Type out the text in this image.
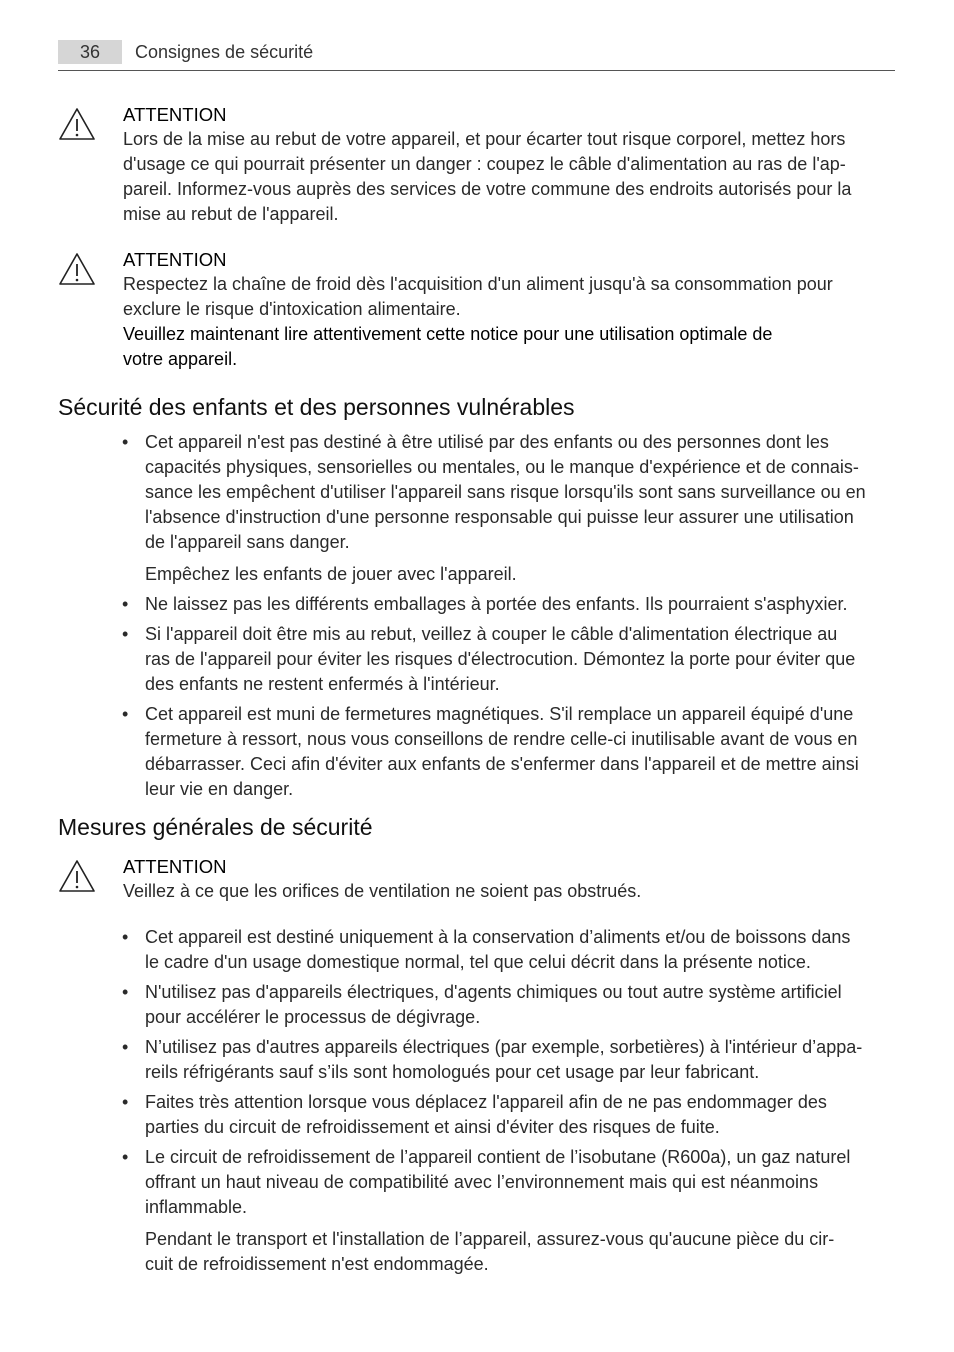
36	Consignes de sécurité
ATTENTION

Lors de la mise au rebut de votre appareil, et pour écarter tout risque corporel, mettez hors

d'usage ce qui pourrait présenter un danger : coupez le câble d'alimentation au ras de l'ap-

pareil. Informez-vous auprès des services de votre commune des endroits autorisés pour la

mise au rebut de l'appareil.

ATTENTION

Respectez la chaîne de froid dès l'acquisition d'un aliment jusqu'à sa consommation pour

exclure le risque d'intoxication alimentaire.

Veuillez maintenant lire attentivement cette notice pour une utilisation optimale de

votre appareil.

Sécurité des enfants et des personnes vulnérables
• Cet appareil n'est pas destiné à être utilisé par des enfants ou des personnes dont les
capacités physiques, sensorielles ou mentales, ou le manque d'expérience et de connais-
sance les empêchent d'utiliser l'appareil sans risque lorsqu'ils sont sans surveillance ou en
l'absence d'instruction d'une personne responsable qui puisse leur assurer une utilisation
de l'appareil sans danger.
Empêchez les enfants de jouer avec l'appareil.
• Ne laissez pas les différents emballages à portée des enfants. Ils pourraient s'asphyxier.
• Si l'appareil doit être mis au rebut, veillez à couper le câble d'alimentation électrique au
ras de l'appareil pour éviter les risques d'électrocution. Démontez la porte pour éviter que
des enfants ne restent enfermés à l'intérieur.
• Cet appareil est muni de fermetures magnétiques. S'il remplace un appareil équipé d'une
fermeture à ressort, nous vous conseillons de rendre celle-ci inutilisable avant de vous en
débarrasser. Ceci afin d'éviter aux enfants de s'enfermer dans l'appareil et de mettre ainsi
leur vie en danger.
Mesures générales de sécurité
ATTENTION

Veillez à ce que les orifices de ventilation ne soient pas obstrués.

• Cet appareil est destiné uniquement à la conservation d’aliments et/ou de boissons dans
le cadre d'un usage domestique normal, tel que celui décrit dans la présente notice.
• N'utilisez pas d'appareils électriques, d'agents chimiques ou tout autre système artificiel
pour accélérer le processus de dégivrage.
• N’utilisez pas d'autres appareils électriques (par exemple, sorbetières) à l'intérieur d’appa-
reils réfrigérants sauf s’ils sont homologués pour cet usage par leur fabricant.
• Faites très attention lorsque vous déplacez l'appareil afin de ne pas endommager des
parties du circuit de refroidissement et ainsi d'éviter des risques de fuite.
• Le circuit de refroidissement de l’appareil contient de l’isobutane (R600a), un gaz naturel
offrant un haut niveau de compatibilité avec l’environnement mais qui est néanmoins
inflammable.
Pendant le transport et l'installation de l’appareil, assurez-vous qu'aucune pièce du cir-
cuit de refroidissement n'est endommagée.
